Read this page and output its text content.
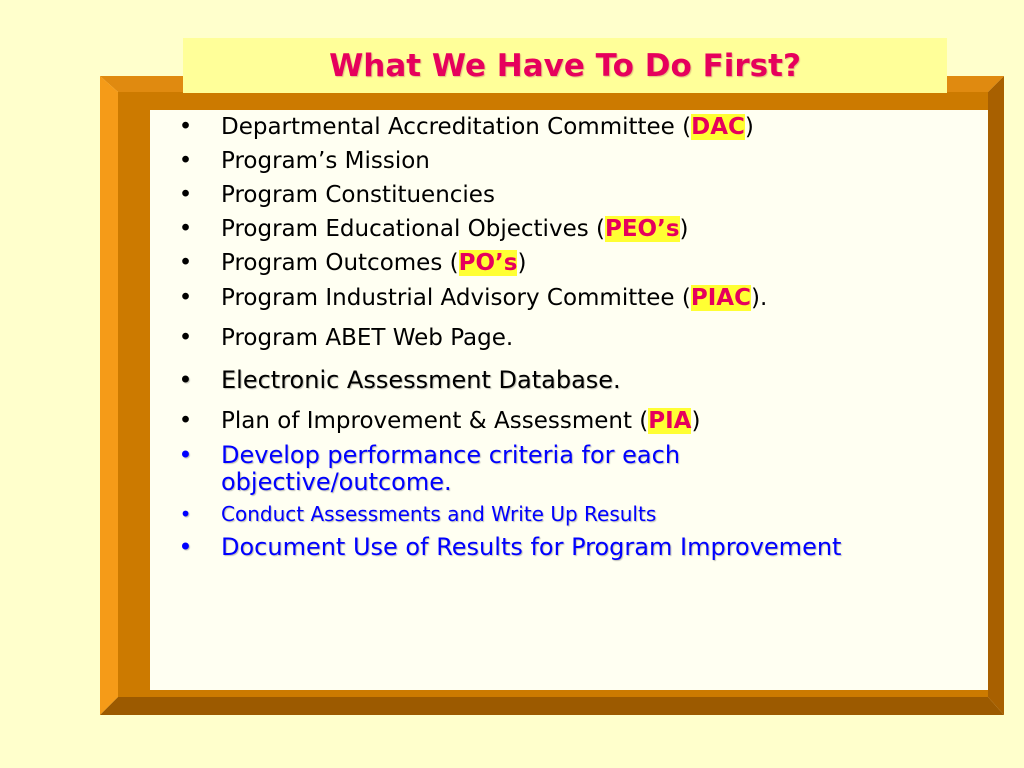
What We Have To Do First?
•	Departmental Accreditation Committee (DAC)
•	Program’s Mission
•	Program Constituencies
•	Program Educational Objectives (PEO’s)
•	Program Outcomes (PO’s)
•	Program Industrial Advisory Committee (PIAC).
•	Program ABET Web Page.
•	Electronic Assessment Database.
•	Plan of Improvement & Assessment (PIA)
•	Develop performance criteria for each objective/outcome.
•	Conduct Assessments and Write Up Results
•	Document Use of Results for Program Improvement
